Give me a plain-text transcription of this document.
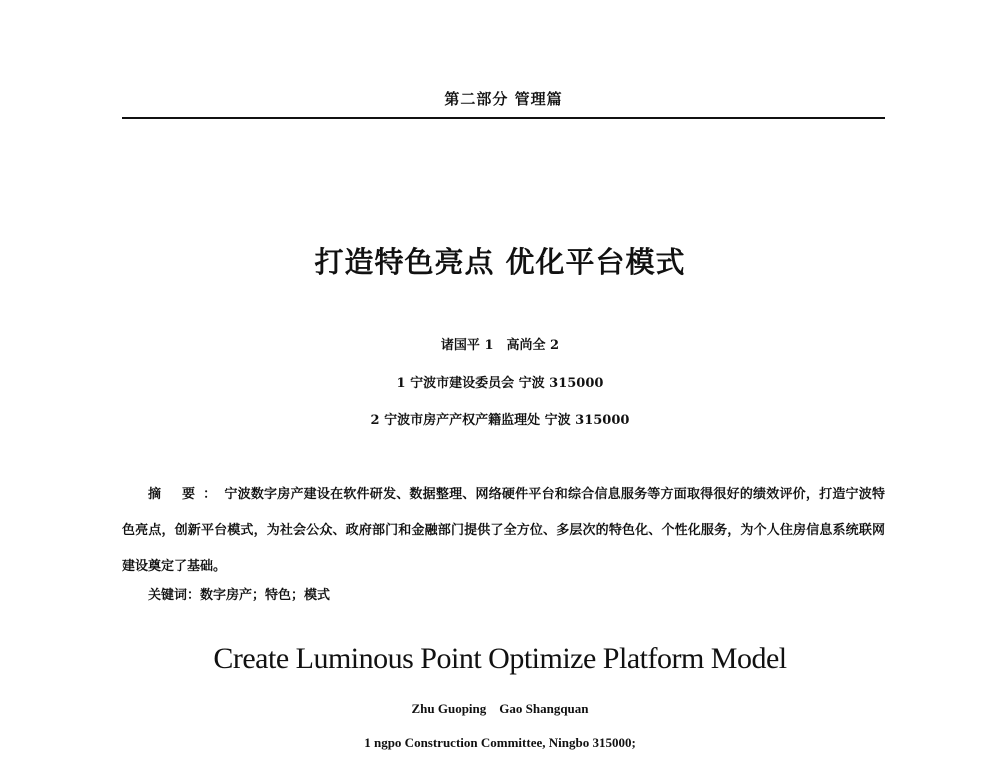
第二部分 管理篇
打造特色亮点 优化平台模式
诸国平 1　高尚全 2
1 宁波市建设委员会 宁波 315000
2 宁波市房产产权产籍监理处 宁波 315000
摘 要：宁波数字房产建设在软件研发、数据整理、网络硬件平台和综合信息服务等方面取得很好的绩效评价，打造宁波特色亮点，创新平台模式，为社会公众、政府部门和金融部门提供了全方位、多层次的特色化、个性化服务，为个人住房信息系统联网建设奠定了基础。
关键词：数字房产；特色；模式
Create Luminous Point Optimize Platform Model
Zhu Guoping　Gao Shangquan
1 ngpo Construction Committee, Ningbo 315000;
